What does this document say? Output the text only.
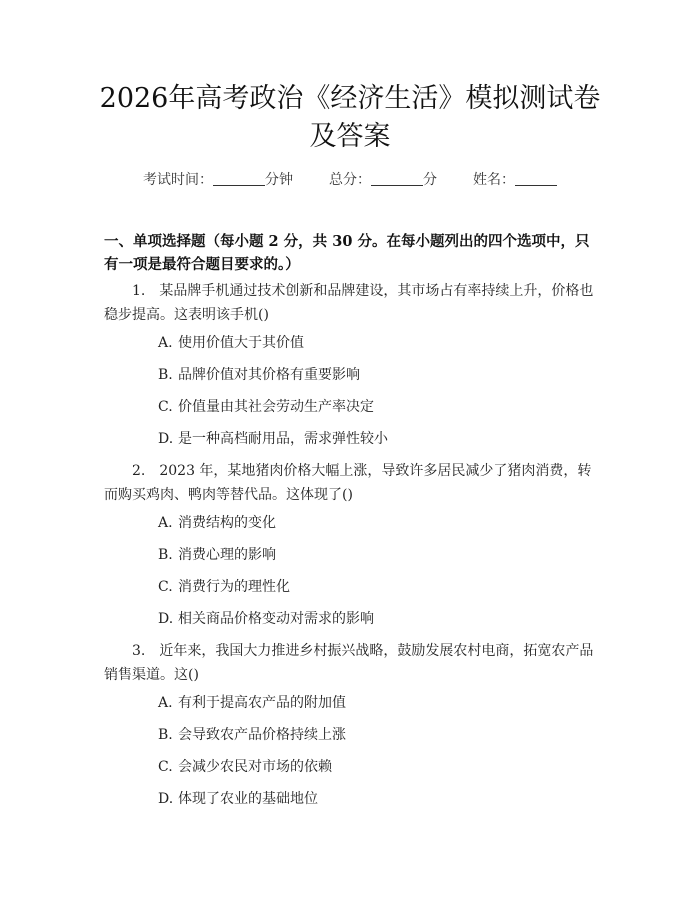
2026年高考政治《经济生活》模拟测试卷及答案
考试时间：	分钟	总分：	分	姓名：
一、单项选择题（每小题 2 分，共 30 分。在每小题列出的四个选项中，只有一项是最符合题目要求的。）
1.　某品牌手机通过技术创新和品牌建设，其市场占有率持续上升，价格也稳步提高。这表明该手机()
A. 使用价值大于其价值
B. 品牌价值对其价格有重要影响
C. 价值量由其社会劳动生产率决定
D. 是一种高档耐用品，需求弹性较小
2.　2023 年，某地猪肉价格大幅上涨，导致许多居民减少了猪肉消费，转而购买鸡肉、鸭肉等替代品。这体现了()
A. 消费结构的变化
B. 消费心理的影响
C. 消费行为的理性化
D. 相关商品价格变动对需求的影响
3.　近年来，我国大力推进乡村振兴战略，鼓励发展农村电商，拓宽农产品销售渠道。这()
A. 有利于提高农产品的附加值
B. 会导致农产品价格持续上涨
C. 会减少农民对市场的依赖
D. 体现了农业的基础地位
